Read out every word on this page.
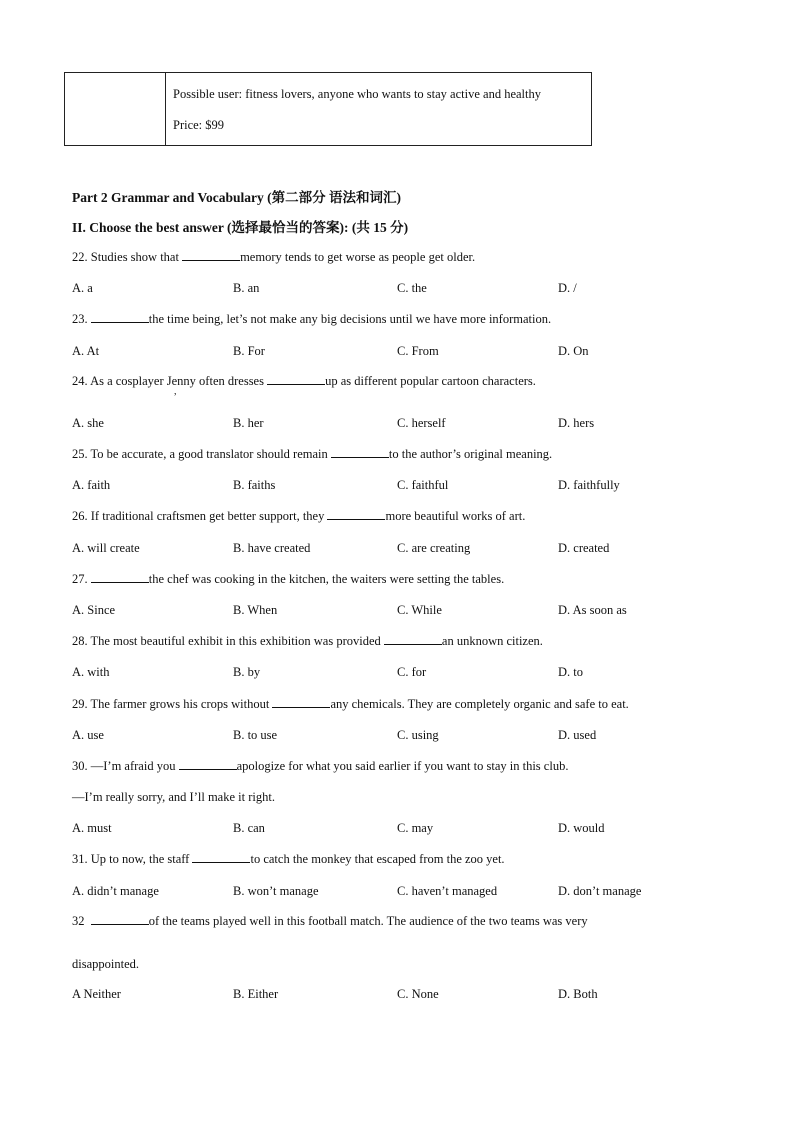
Possible user: fitness lovers, anyone who wants to stay active and healthy
Price: $99
Part 2 Grammar and Vocabulary (第二部分 语法和词汇)
II. Choose the best answer (选择最恰当的答案): (共 15 分)
22. Studies show that	memory tends to get worse as people get older.
A. a	B. an	C. the	D. /
23.	the time being, let’s not make any big decisions until we have more information.
A. At	B. For	C. From	D. On
24. As a cosplayer Jenny often dresses	up as different popular cartoon characters.
,
A. she	B. her	C. herself	D. hers
25. To be accurate, a good translator should remain	to the author’s original meaning.
A. faith	B. faiths	C. faithful	D. faithfully
26. If traditional craftsmen get better support, they	more beautiful works of art.
A. will create	B. have created	C. are creating	D. created
27.	the chef was cooking in the kitchen, the waiters were setting the tables.
A. Since	B. When	C. While	D. As soon as
28. The most beautiful exhibit in this exhibition was provided	an unknown citizen.
A. with	B. by	C. for	D. to
29. The farmer grows his crops without	any chemicals. They are completely organic and safe to eat.
A. use	B. to use	C. using	D. used
30. —I’m afraid you	apologize for what you said earlier if you want to stay in this club.
—I’m really sorry, and I’ll make it right.
A. must	B. can	C. may	D. would
31. Up to now, the staff	to catch the monkey that escaped from the zoo yet.
A. didn’t manage	B. won’t manage	C. haven’t managed	D. don’t manage
32	of the teams played well in this football match. The audience of the two teams was very
disappointed.
A Neither	B. Either	C. None	D. Both
